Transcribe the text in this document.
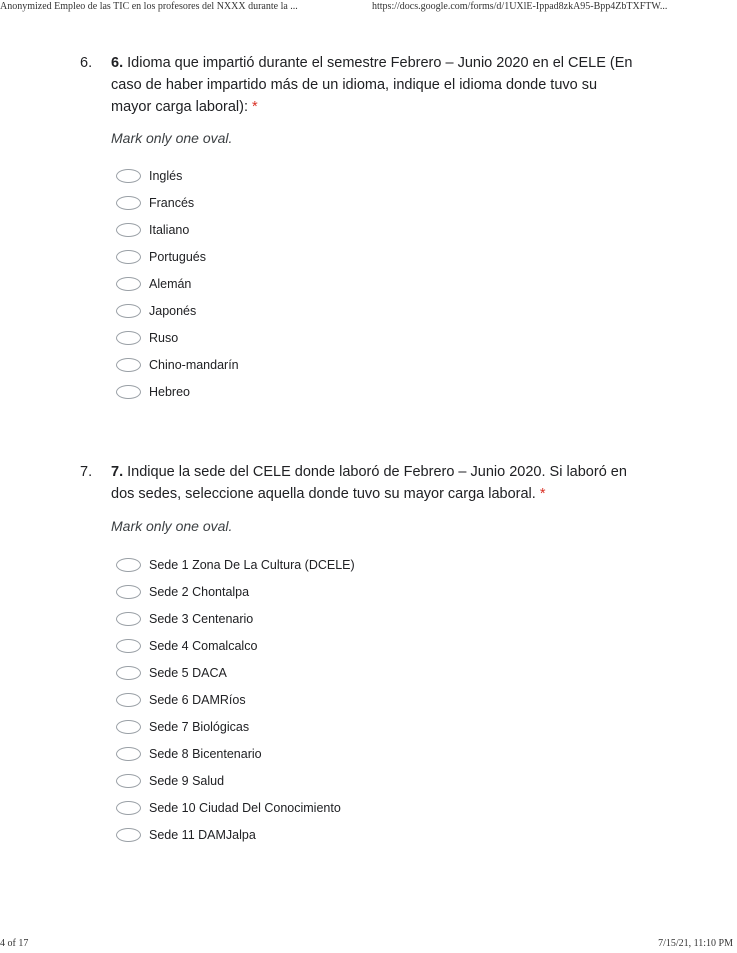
Anonymized Empleo de las TIC en los profesores del NXXX durante la ...	https://docs.google.com/forms/d/1UXlE-Ippad8zkA95-Bpp4ZbTXFTW...
6. 6. Idioma que impartió durante el semestre Febrero – Junio 2020 en el CELE (En caso de haber impartido más de un idioma, indique el idioma donde tuvo su mayor carga laboral): *
Mark only one oval.
Inglés
Francés
Italiano
Portugués
Alemán
Japonés
Ruso
Chino-mandarín
Hebreo
7. 7. Indique la sede del CELE donde laboró de Febrero – Junio 2020. Si laboró en dos sedes, seleccione aquella donde tuvo su mayor carga laboral. *
Mark only one oval.
Sede 1 Zona De La Cultura (DCELE)
Sede 2 Chontalpa
Sede 3 Centenario
Sede 4 Comalcalco
Sede 5 DACA
Sede 6 DAMRíos
Sede 7 Biológicas
Sede 8 Bicentenario
Sede 9 Salud
Sede 10 Ciudad Del Conocimiento
Sede 11 DAMJalpa
4 of 17	7/15/21, 11:10 PM
